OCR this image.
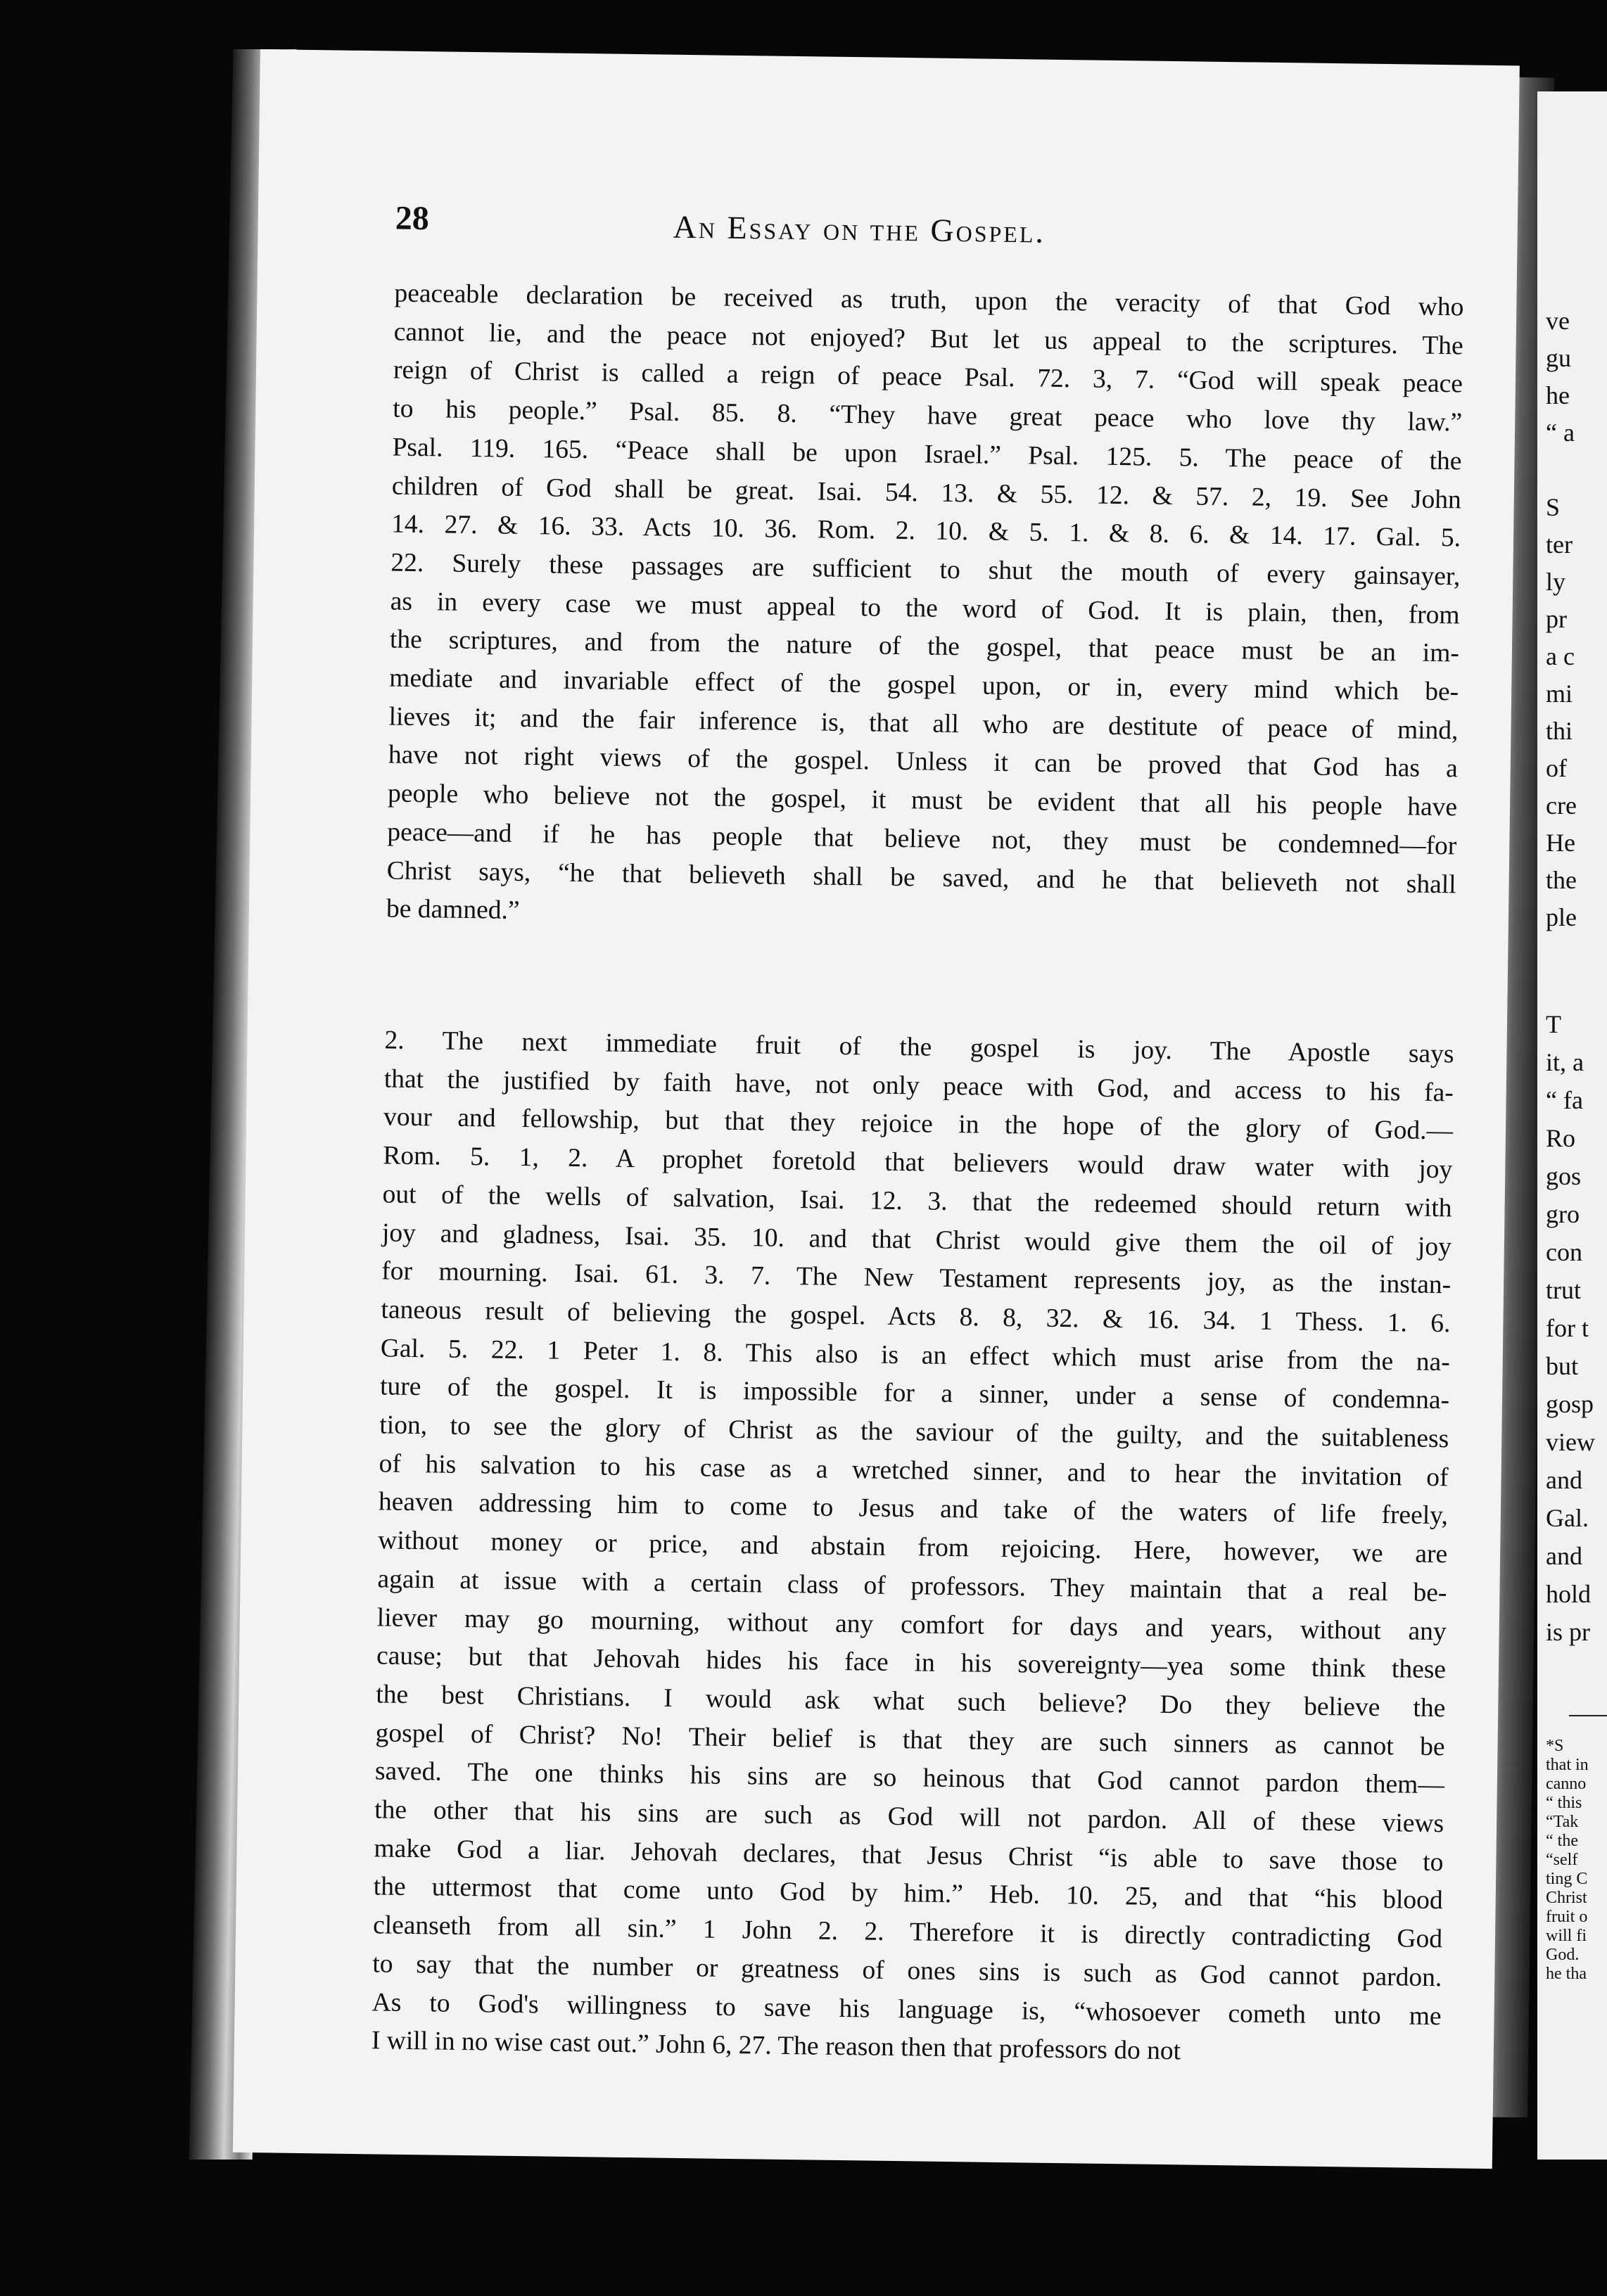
28	An Essay on the Gospel.
peaceable declaration be received as truth, upon the veracity of that God who
cannot lie, and the peace not enjoyed? But let us appeal to the scriptures. The
reign of Christ is called a reign of peace Psal. 72. 3, 7. “God will speak peace
to his people.” Psal. 85. 8. “They have great peace who love thy law.”
Psal. 119. 165. “Peace shall be upon Israel.” Psal. 125. 5. The peace of the
children of God shall be great. Isai. 54. 13. & 55. 12. & 57. 2, 19. See John
14. 27. & 16. 33. Acts 10. 36. Rom. 2. 10. & 5. 1. & 8. 6. & 14. 17. Gal. 5.
22. Surely these passages are sufficient to shut the mouth of every gainsayer,
as in every case we must appeal to the word of God. It is plain, then, from
the scriptures, and from the nature of the gospel, that peace must be an im-
mediate and invariable effect of the gospel upon, or in, every mind which be-
lieves it; and the fair inference is, that all who are destitute of peace of mind,
have not right views of the gospel. Unless it can be proved that God has a
people who believe not the gospel, it must be evident that all his people have
peace—and if he has people that believe not, they must be condemned—for
Christ says, “he that believeth shall be saved, and he that believeth not shall
be damned.”
2. The next immediate fruit of the gospel is joy. The Apostle says
that the justified by faith have, not only peace with God, and access to his fa-
vour and fellowship, but that they rejoice in the hope of the glory of God.—
Rom. 5. 1, 2. A prophet foretold that believers would draw water with joy
out of the wells of salvation, Isai. 12. 3. that the redeemed should return with
joy and gladness, Isai. 35. 10. and that Christ would give them the oil of joy
for mourning. Isai. 61. 3. 7. The New Testament represents joy, as the instan-
taneous result of believing the gospel. Acts 8. 8, 32. & 16. 34. 1 Thess. 1. 6.
Gal. 5. 22. 1 Peter 1. 8. This also is an effect which must arise from the na-
ture of the gospel. It is impossible for a sinner, under a sense of condemna-
tion, to see the glory of Christ as the saviour of the guilty, and the suitableness
of his salvation to his case as a wretched sinner, and to hear the invitation of
heaven addressing him to come to Jesus and take of the waters of life freely,
without money or price, and abstain from rejoicing. Here, however, we are
again at issue with a certain class of professors. They maintain that a real be-
liever may go mourning, without any comfort for days and years, without any
cause; but that Jehovah hides his face in his sovereignty—yea some think these
the best Christians. I would ask what such believe? Do they believe the
gospel of Christ? No! Their belief is that they are such sinners as cannot be
saved. The one thinks his sins are so heinous that God cannot pardon them—
the other that his sins are such as God will not pardon. All of these views
make God a liar. Jehovah declares, that Jesus Christ “is able to save those to
the uttermost that come unto God by him.” Heb. 10. 25, and that “his blood
cleanseth from all sin.” 1 John 2. 2. Therefore it is directly contradicting God
to say that the number or greatness of ones sins is such as God cannot pardon.
As to God's willingness to save his language is, “whosoever cometh unto me
I will in no wise cast out.” John 6, 27. The reason then that professors do not
ve
gu
he
“ a
S
ter
ly
pr
a c
mi
thi
of
cre
He
the
ple
T
it, a
“ fa
Ro
gos
gro
con
trut
for t
but
gosp
view
and
Gal.
and
hold
is pr
*S
that in
canno
“ this
“Tak
“ the
“self
ting C
Christ
fruit o
will fi
God.
he tha
